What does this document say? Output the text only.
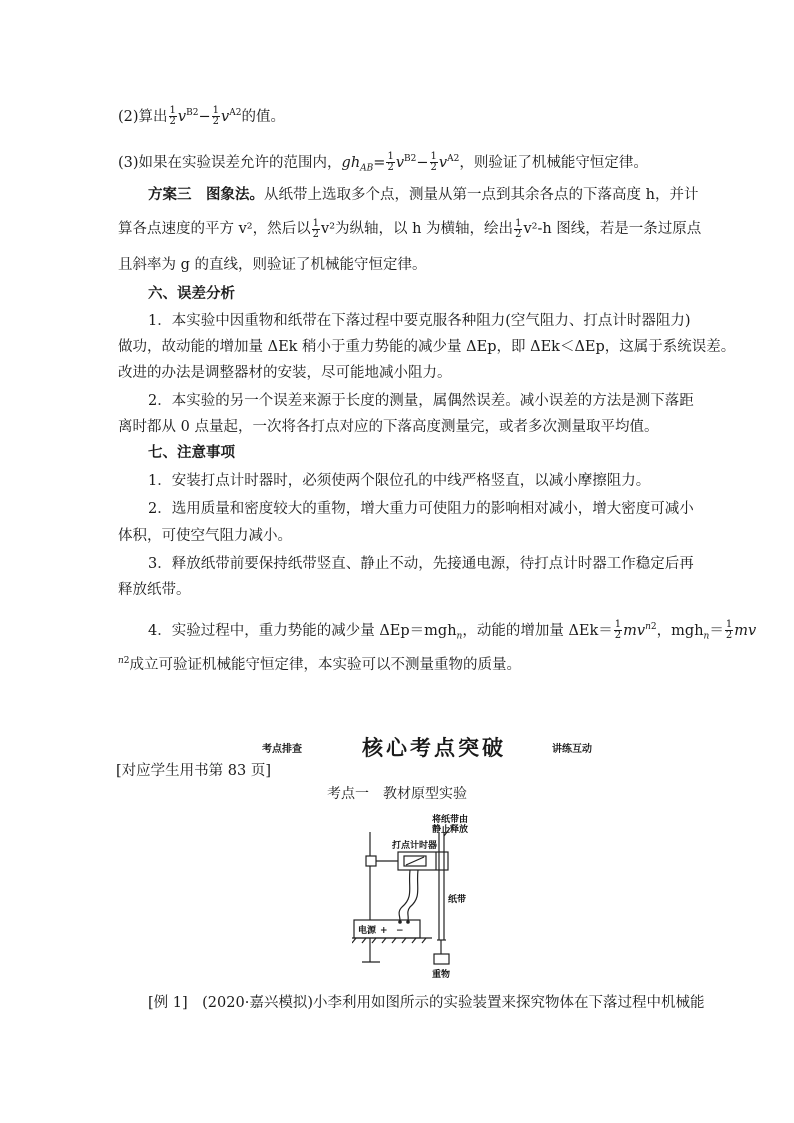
(2)算出 $\frac{1}{2} v^{B2}- \frac{1}{2} v^{A2}$的值。
(3)如果在实验误差允许的范围内，$gh_{AB}= \frac{1}{2} v^{B2}- \frac{1}{2} v^{A2}$，则验证了机械能守恒定律。
方案三　图象法。从纸带上选取多个点，测量从第一点到其余各点的下落高度 h，并计
算各点速度的平方 v²，然后以 $\frac{1}{2} v^2$为纵轴，以 h 为横轴，绘出 $\frac{1}{2} v^2-h$ 图线，若是一条过原点
且斜率为 g 的直线，则验证了机械能守恒定律。
六、误差分析
1．本实验中因重物和纸带在下落过程中要克服各种阻力(空气阻力、打点计时器阻力)
做功，故动能的增加量 ΔEk 稍小于重力势能的减少量 ΔEp，即 ΔEk＜ΔEp，这属于系统误差。
改进的办法是调整器材的安装，尽可能地减小阻力。
2．本实验的另一个误差来源于长度的测量，属偶然误差。减小误差的方法是测下落距
离时都从 0 点量起，一次将各打点对应的下落高度测量完，或者多次测量取平均值。
七、注意事项
1．安装打点计时器时，必须使两个限位孔的中线严格竖直，以减小摩擦阻力。
2．选用质量和密度较大的重物，增大重力可使阻力的影响相对减小，增大密度可减小
体积，可使空气阻力减小。
3．释放纸带前要保持纸带竖直、静止不动，先接通电源，待打点计时器工作稳定后再
释放纸带。
4．实验过程中，重力势能的减少量 ΔEp＝mgh$_n$，动能的增加量 $\Delta Ek= \frac{1}{2} mv^{n2}$，$mgh_n= \frac{1}{2}$ mv
$^{n2}$成立可验证机械能守恒定律，本实验可以不测量重物的质量。
考点排查	核心考点突破	讲练互动
[对应学生用书第 83 页]
考点一　教材原型实验
将纸带由
静止释放
打点计时器
纸带
电源 + −
重物
[例 1]　(2020·嘉兴模拟)小李利用如图所示的实验装置来探究物体在下落过程中机械能
